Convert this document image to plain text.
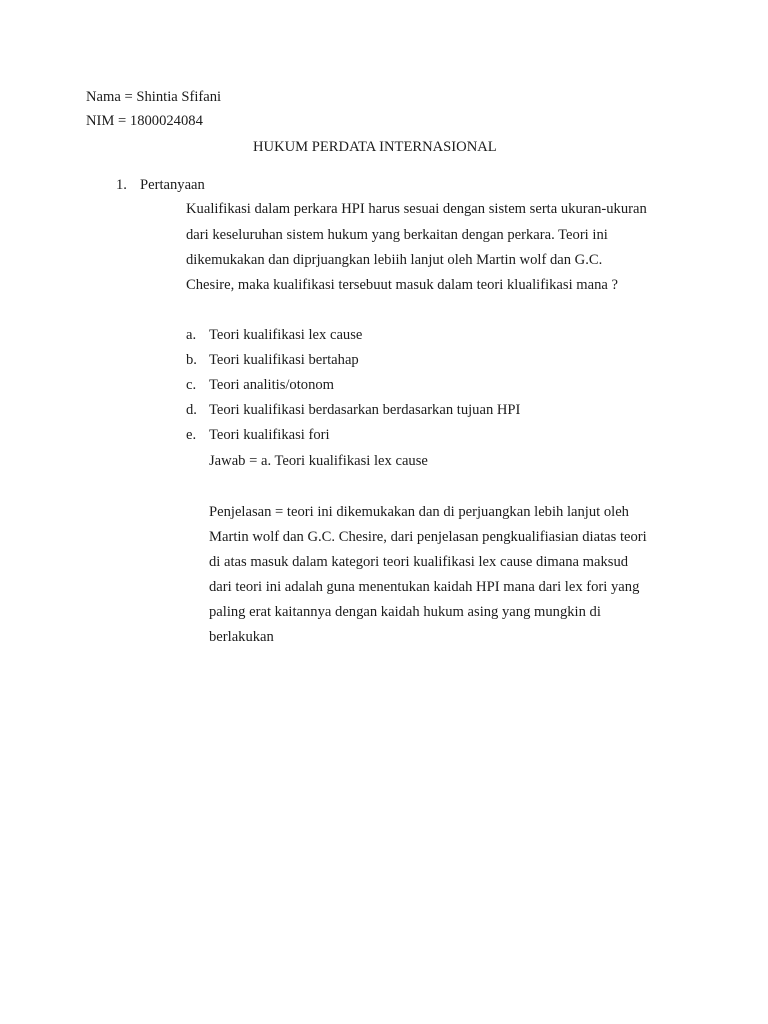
Nama = Shintia Sfifani
NIM = 1800024084
HUKUM PERDATA INTERNASIONAL
1. Pertanyaan
Kualifikasi dalam perkara HPI harus sesuai dengan sistem serta ukuran-ukuran
dari keseluruhan sistem hukum yang berkaitan dengan perkara. Teori ini
dikemukakan dan diprjuangkan lebiih lanjut oleh Martin wolf dan G.C.
Chesire, maka kualifikasi tersebuut masuk dalam teori klualifikasi mana ?
a. Teori kualifikasi lex cause
b. Teori kualifikasi bertahap
c. Teori analitis/otonom
d. Teori kualifikasi berdasarkan berdasarkan tujuan HPI
e. Teori kualifikasi fori
Jawab = a. Teori kualifikasi lex cause
Penjelasan = teori ini dikemukakan dan di perjuangkan lebih lanjut oleh
Martin wolf dan G.C. Chesire, dari penjelasan pengkualifiasian diatas teori
di atas masuk dalam kategori teori kualifikasi lex cause dimana maksud
dari teori ini adalah guna menentukan kaidah HPI mana dari lex fori yang
paling erat kaitannya dengan kaidah hukum asing yang mungkin di
berlakukan
